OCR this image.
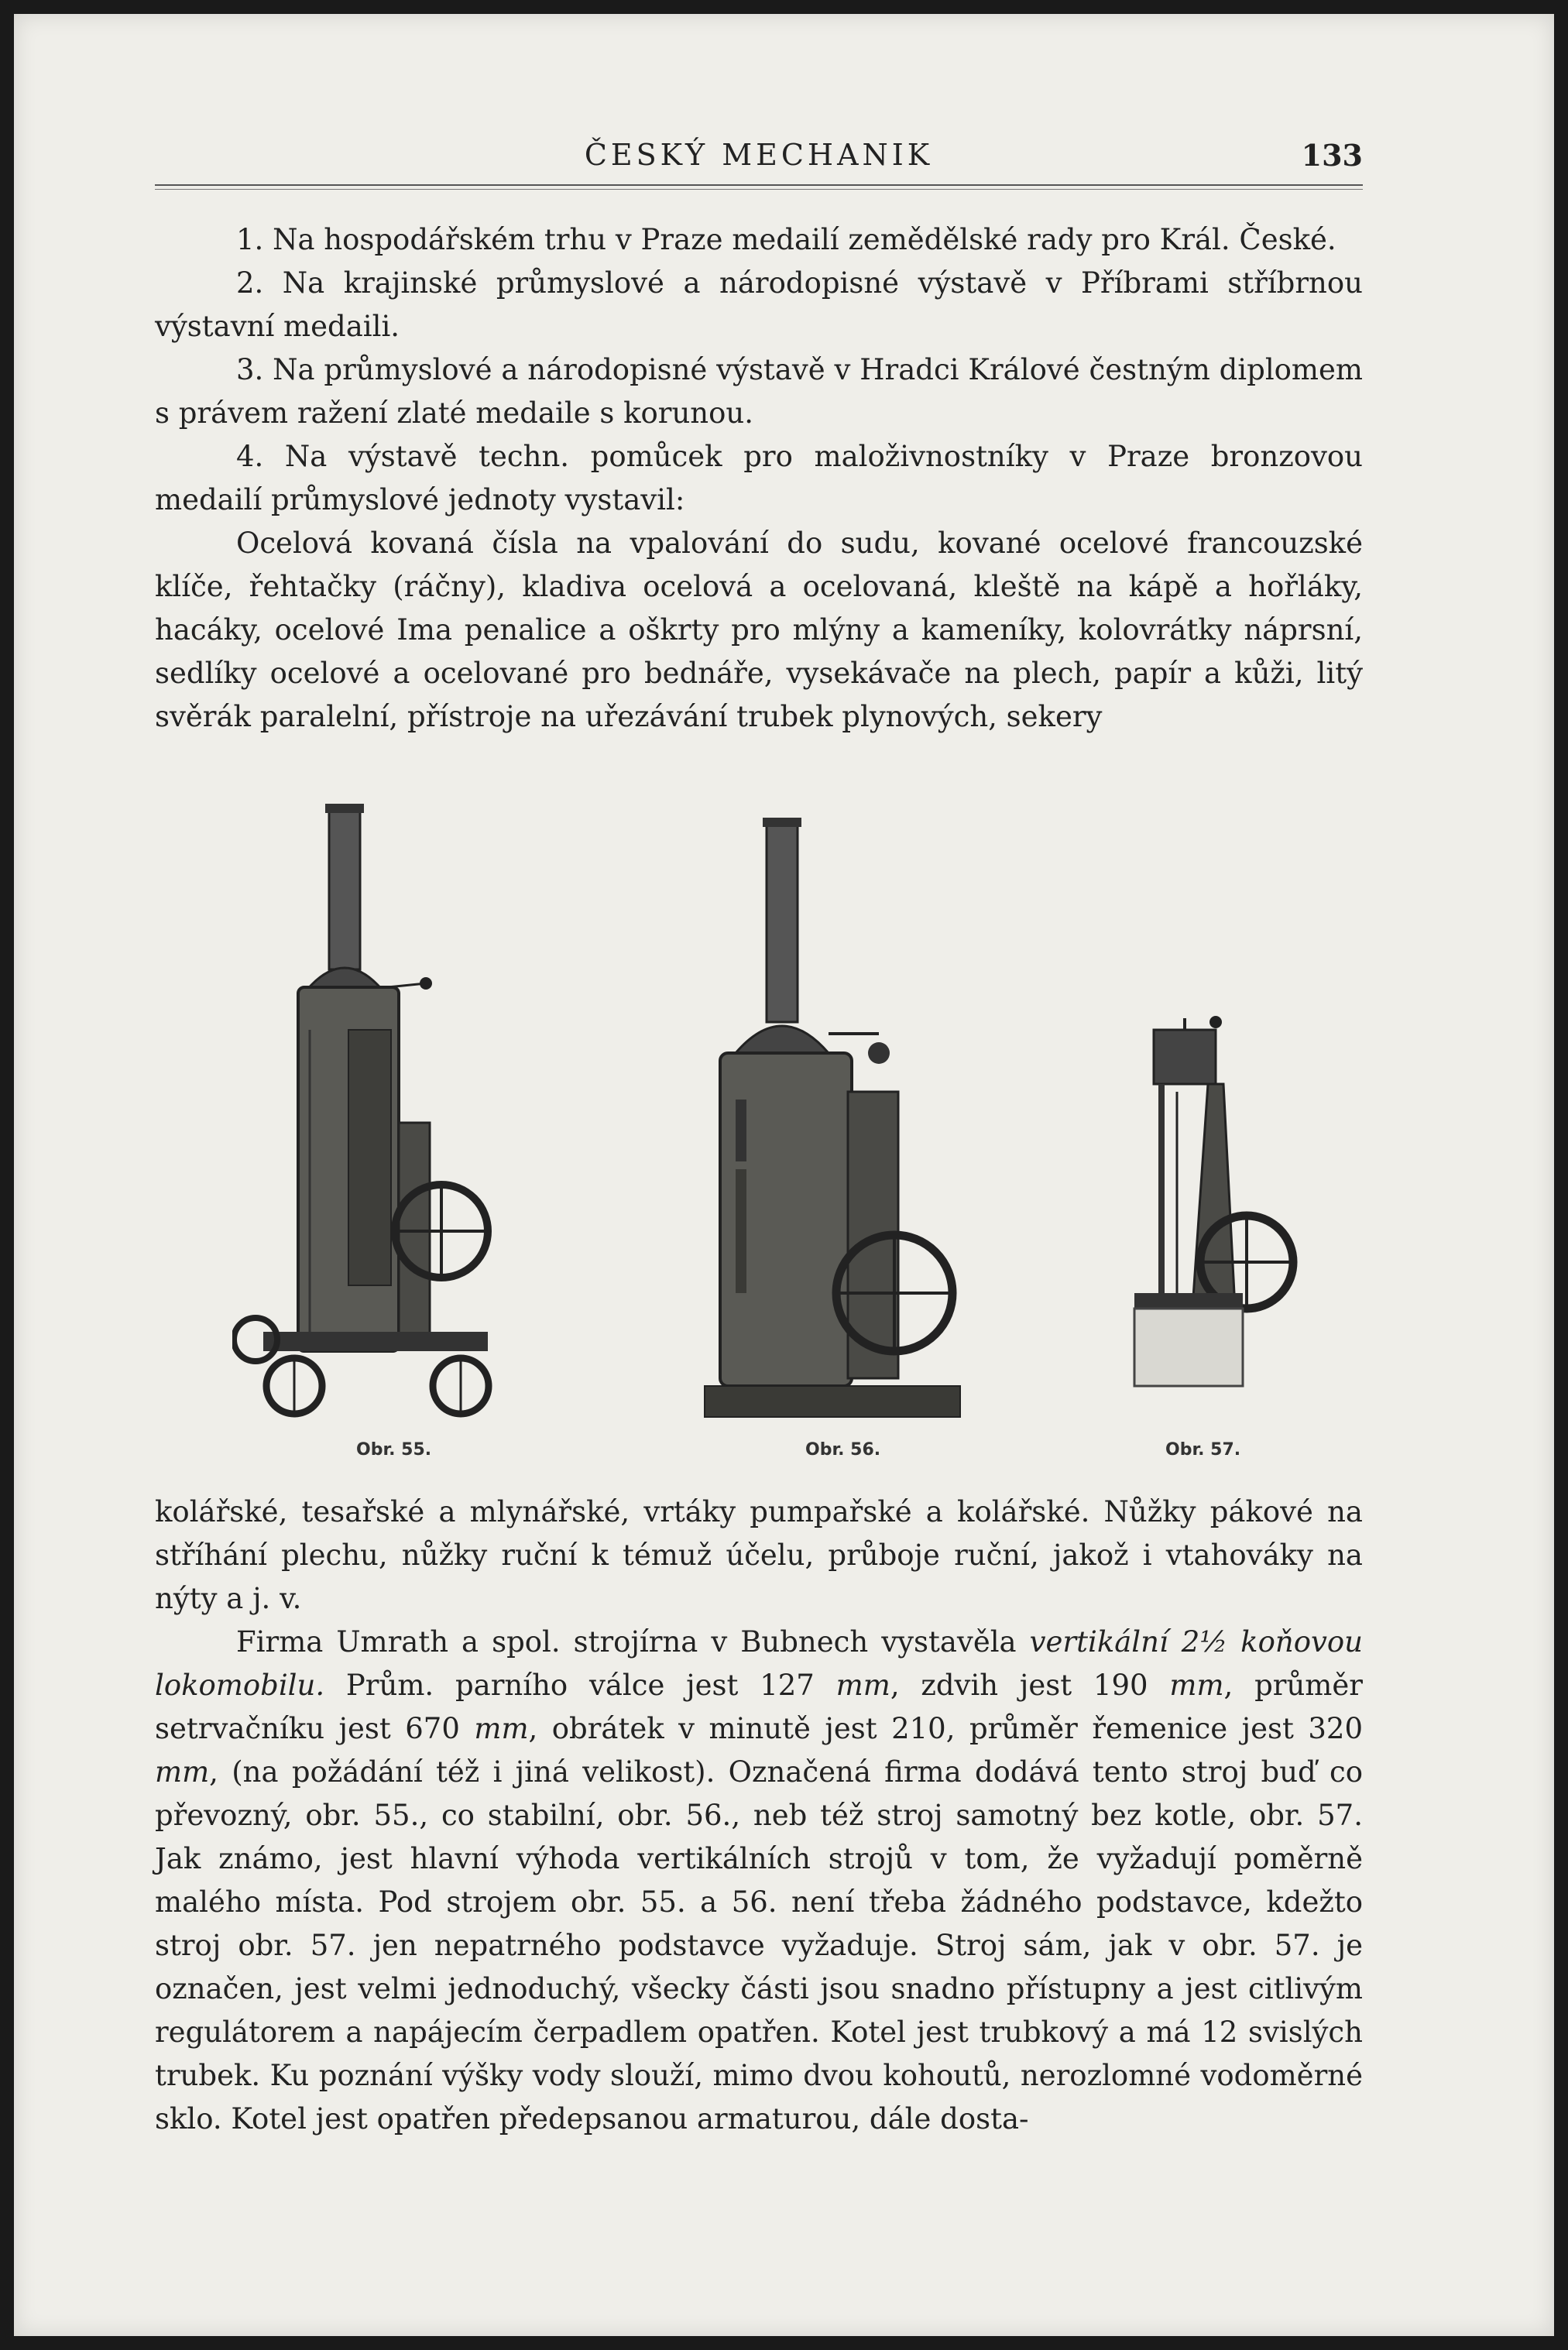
ČESKÝ MECHANIK	133

1. Na hospodářském trhu v Praze medailí zemědělské rady pro Král. České.

2. Na krajinské průmyslové a národopisné výstavě v Příbrami stříbrnou výstavní medaili.

3. Na průmyslové a národopisné výstavě v Hradci Králové čestným diplomem s právem ražení zlaté medaile s korunou.

4. Na výstavě techn. pomůcek pro maloživnostníky v Praze bronzovou medailí průmyslové jednoty vystavil:

Ocelová kovaná čísla na vpalování do sudu, kované ocelové francouzské klíče, řehtačky (ráčny), kladiva ocelová a ocelovaná, kleště na kápě a hořláky, hacáky, ocelové Ima penalice a oškrty pro mlýny a kameníky, kolovrátky náprsní, sedlíky ocelové a ocelované pro bednáře, vysekávače na plech, papír a kůži, litý svěrák paralelní, přístroje na uřezávání trubek plynových, sekery

Obr. 55.	Obr. 56.	Obr. 57.

kolářské, tesařské a mlynářské, vrtáky pumpařské a kolářské. Nůžky pákové na stříhání plechu, nůžky ruční k témuž účelu, průboje ruční, jakož i vtahováky na nýty a j. v.

Firma Umrath a spol. strojírna v Bubnech vystavěla vertikální 2½ koňovou lokomobilu. Prům. parního válce jest 127 mm, zdvih jest 190 mm, průměr setrvačníku jest 670 mm, obrátek v minutě jest 210, průměr řemenice jest 320 mm, (na požádání též i jiná velikost). Označená firma dodává tento stroj buď co převozný, obr. 55., co stabilní, obr. 56., neb též stroj samotný bez kotle, obr. 57. Jak známo, jest hlavní výhoda vertikálních strojů v tom, že vyžadují poměrně malého místa. Pod strojem obr. 55. a 56. není třeba žádného podstavce, kdežto stroj obr. 57. jen nepatrného podstavce vyžaduje. Stroj sám, jak v obr. 57. je označen, jest velmi jednoduchý, všecky části jsou snadno přístupny a jest citlivým regulátorem a napájecím čerpadlem opatřen. Kotel jest trubkový a má 12 svislých trubek. Ku poznání výšky vody slouží, mimo dvou kohoutů, nerozlomné vodoměrné sklo. Kotel jest opatřen předepsanou armaturou, dále dosta-
